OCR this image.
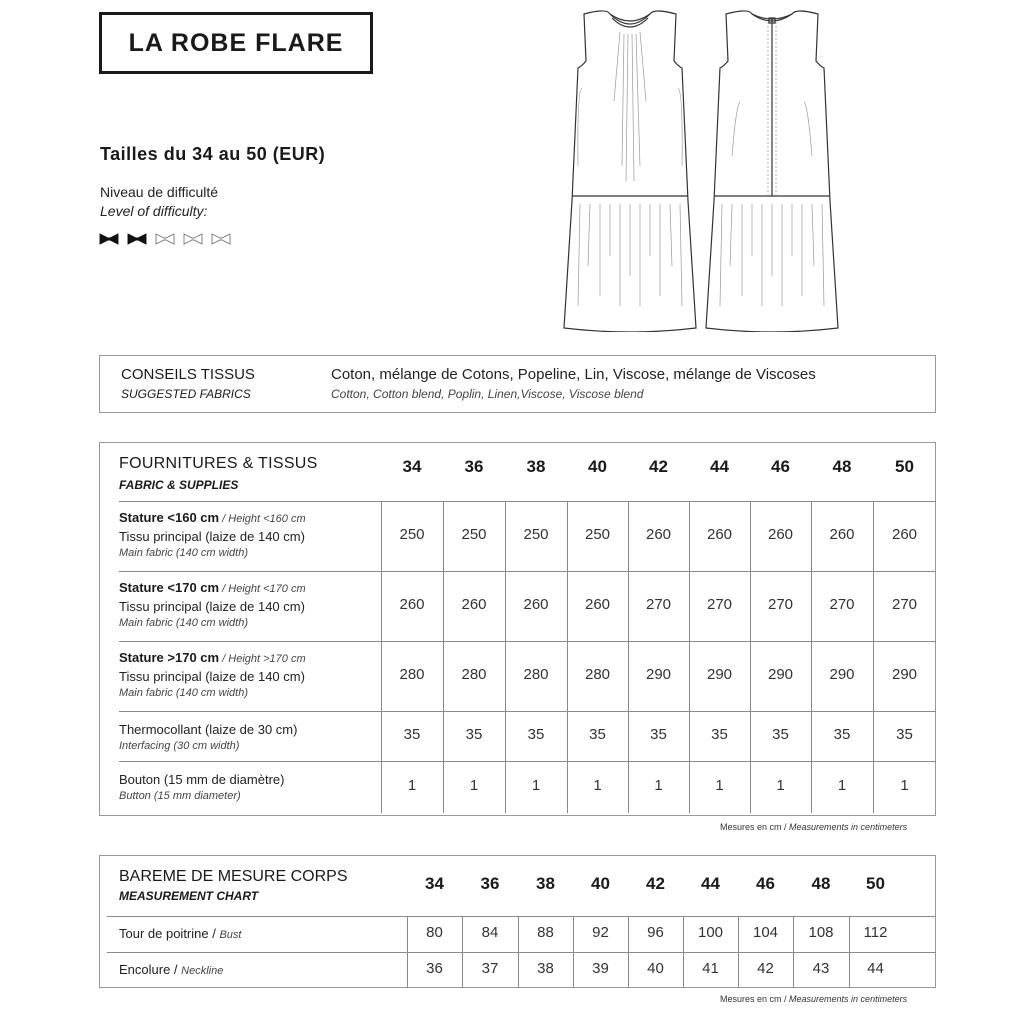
LA ROBE FLARE
Tailles du 34 au 50 (EUR)
Niveau de difficulté
Level of difficulty:
CONSEILS TISSUS
SUGGESTED FABRICS
Coton, mélange de Cotons, Popeline, Lin, Viscose, mélange de Viscoses
Cotton, Cotton blend, Poplin, Linen,Viscose, Viscose blend
FOURNITURES & TISSUS
FABRIC & SUPPLIES
34	36	38	40	42	44	46	48	50
Stature <160 cm / Height <160 cm
Tissu principal (laize de 140 cm)
Main fabric (140 cm width)
250	250	250	250	260	260	260	260	260
Stature <170 cm / Height <170 cm
Tissu principal (laize de 140 cm)
Main fabric (140 cm width)
260	260	260	260	270	270	270	270	270
Stature >170 cm / Height >170 cm
Tissu principal (laize de 140 cm)
Main fabric (140 cm width)
280	280	280	280	290	290	290	290	290
Thermocollant (laize de 30 cm)
Interfacing (30 cm width)
35	35	35	35	35	35	35	35	35
Bouton (15 mm de diamètre)
Button (15 mm diameter)
1	1	1	1	1	1	1	1	1
Mesures en cm / Measurements in centimeters
BAREME DE MESURE CORPS
MEASUREMENT CHART
34	36	38	40	42	44	46	48	50
Tour de poitrine / Bust	80	84	88	92	96	100	104	108	112
Encolure / Neckline	36	37	38	39	40	41	42	43	44
Mesures en cm / Measurements in centimeters
